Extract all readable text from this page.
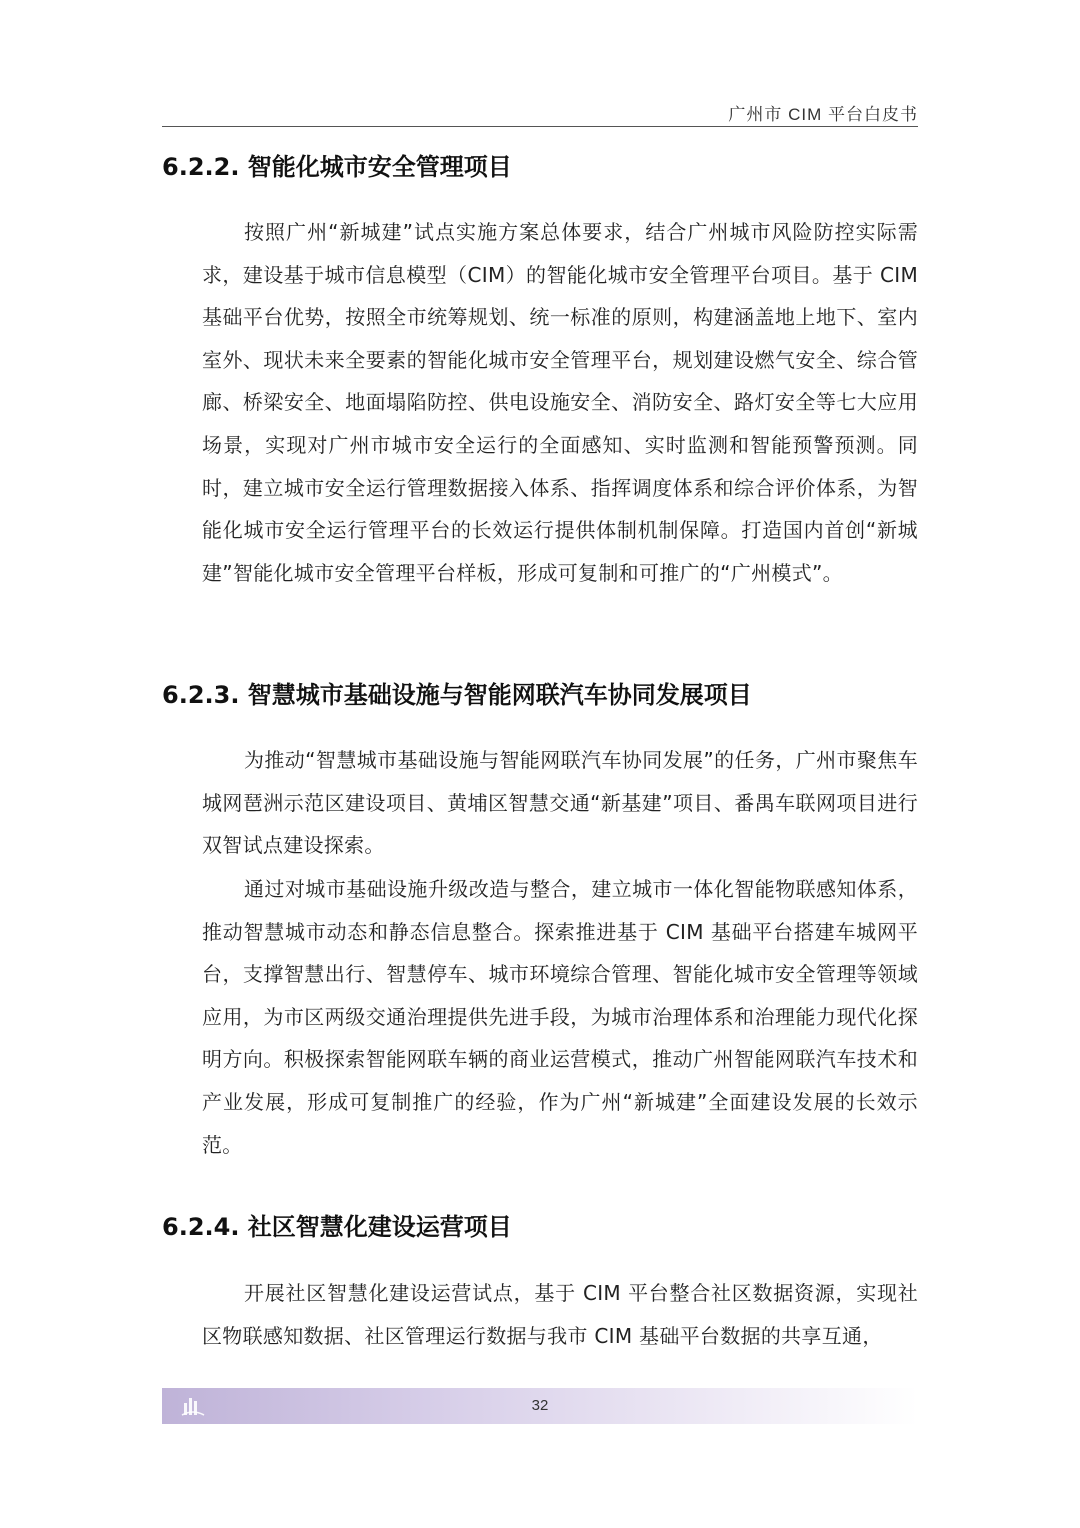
广州市 CIM 平台白皮书
6.2.2. 智能化城市安全管理项目

按照广州“新城建”试点实施方案总体要求，结合广州城市风险防控实际需求，建设基于城市信息模型（CIM）的智能化城市安全管理平台项目。基于 CIM 基础平台优势，按照全市统筹规划、统一标准的原则，构建涵盖地上地下、室内室外、现状未来全要素的智能化城市安全管理平台，规划建设燃气安全、综合管廊、桥梁安全、地面塌陷防控、供电设施安全、消防安全、路灯安全等七大应用场景，实现对广州市城市安全运行的全面感知、实时监测和智能预警预测。同时，建立城市安全运行管理数据接入体系、指挥调度体系和综合评价体系，为智能化城市安全运行管理平台的长效运行提供体制机制保障。打造国内首创“新城建”智能化城市安全管理平台样板，形成可复制和可推广的“广州模式”。

6.2.3. 智慧城市基础设施与智能网联汽车协同发展项目

为推动“智慧城市基础设施与智能网联汽车协同发展”的任务，广州市聚焦车城网琶洲示范区建设项目、黄埔区智慧交通“新基建”项目、番禺车联网项目进行双智试点建设探索。

通过对城市基础设施升级改造与整合，建立城市一体化智能物联感知体系，推动智慧城市动态和静态信息整合。探索推进基于 CIM 基础平台搭建车城网平台，支撑智慧出行、智慧停车、城市环境综合管理、智能化城市安全管理等领域应用，为市区两级交通治理提供先进手段，为城市治理体系和治理能力现代化探明方向。积极探索智能网联车辆的商业运营模式，推动广州智能网联汽车技术和产业发展，形成可复制推广的经验，作为广州“新城建”全面建设发展的长效示范。

6.2.4. 社区智慧化建设运营项目

开展社区智慧化建设运营试点，基于 CIM 平台整合社区数据资源，实现社区物联感知数据、社区管理运行数据与我市 CIM 基础平台数据的共享互通，

32
